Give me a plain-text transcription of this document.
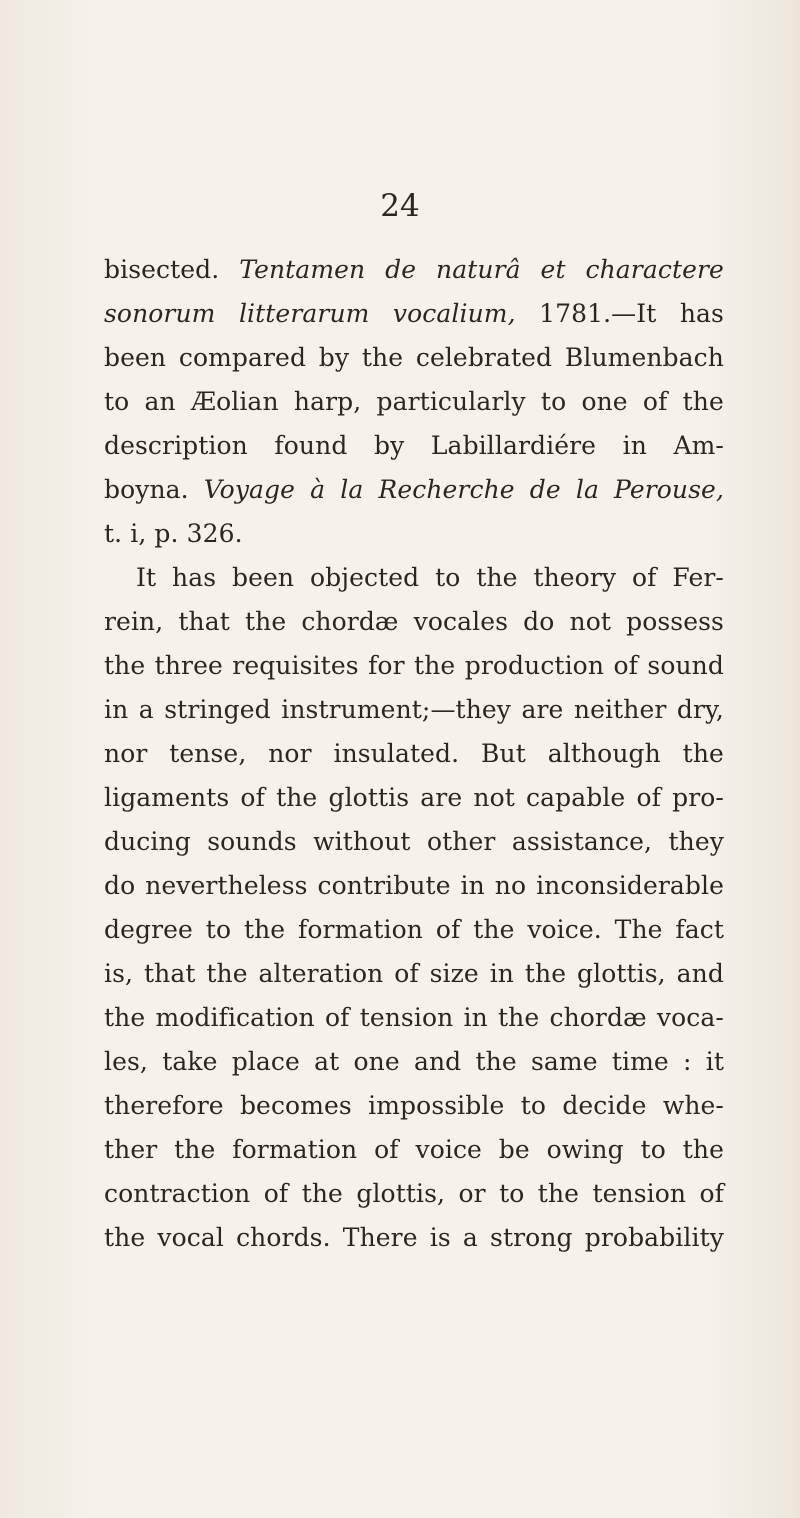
24
bisected. Tentamen de naturâ et charactere
sonorum litterarum vocalium, 1781.—It has
been compared by the celebrated Blumenbach
to an Æolian harp, particularly to one of the
description found by Labillardiére in Am-
boyna. Voyage à la Recherche de la Perouse,
t. i, p. 326.
It has been objected to the theory of Fer-
rein, that the chordæ vocales do not possess
the three requisites for the production of sound
in a stringed instrument;—they are neither dry,
nor tense, nor insulated. But although the
ligaments of the glottis are not capable of pro-
ducing sounds without other assistance, they
do nevertheless contribute in no inconsiderable
degree to the formation of the voice. The fact
is, that the alteration of size in the glottis, and
the modification of tension in the chordæ voca-
les, take place at one and the same time : it
therefore becomes impossible to decide whe-
ther the formation of voice be owing to the
contraction of the glottis, or to the tension of
the vocal chords. There is a strong probability
